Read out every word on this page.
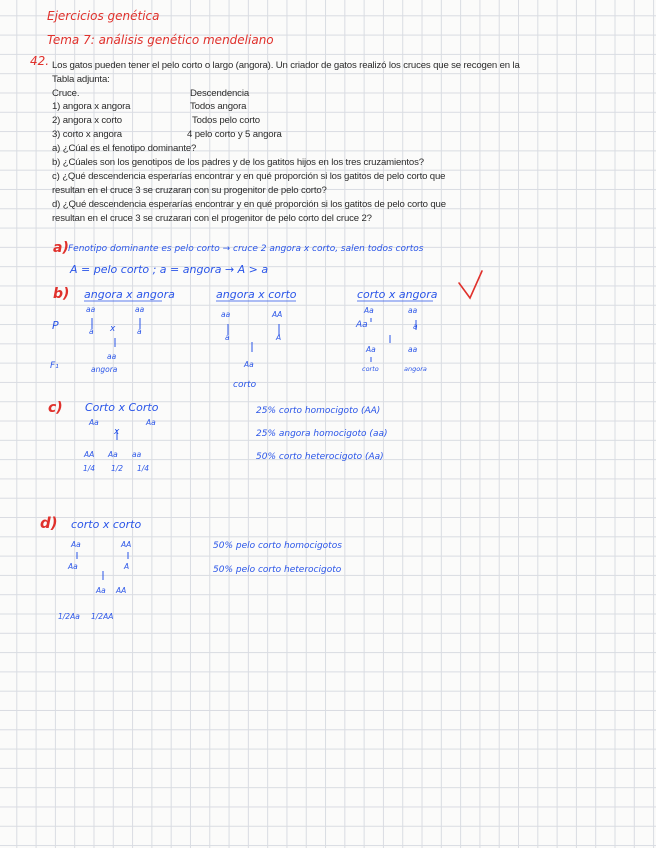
Ejercicios genética
Tema 7: análisis genético mendeliano
42. Los gatos pueden tener el pelo corto o largo (angora). Un criador de gatos realizó los cruces que se recogen en la
Tabla adjunta:
Cruce.	Descendencia
1) angora x angora	Todos angora
2) angora x corto	Todos pelo corto
3) corto x angora	4 pelo corto y 5 angora
a) ¿Cúal es el fenotipo dominante?
b) ¿Cúales son los genotipos de los padres y de los gatitos hijos en los tres cruzamientos?
c) ¿Qué descendencia esperarías encontrar y en qué proporción si los gatitos de pelo corto que
resultan en el cruce 3 se cruzaran con su progenitor de pelo corto?
d) ¿Qué descendencia esperarías encontrar y en qué proporción si los gatitos de pelo corto que
resultan en el cruce 3 se cruzaran con el progenitor de pelo corto del cruce 2?
a) Fenotipo dominante es pelo corto → cruce 2 angora x corto, salen todos cortos
A = pelo corto ; a = angora → A > a
b)
P
F₁
angora x angora
aa	aa
a x	a
aa
angora
angora x corto
aa	AA
a	A
Aa
corto
corto x angora
Aa	aa
Aa	a
Aa	aa
corto	angora
c) Corto x Corto
Aa	Aa
x
AA Aa aa
1/4 1/2 1/4
25% corto homocigoto (AA)
25% angora homocigoto (aa)
50% corto heterocigoto (Aa)
d) corto x corto
Aa	AA
Aa	A
Aa AA
1/2Aa 1/2AA
50% pelo corto homocigotos
50% pelo corto heterocigoto
